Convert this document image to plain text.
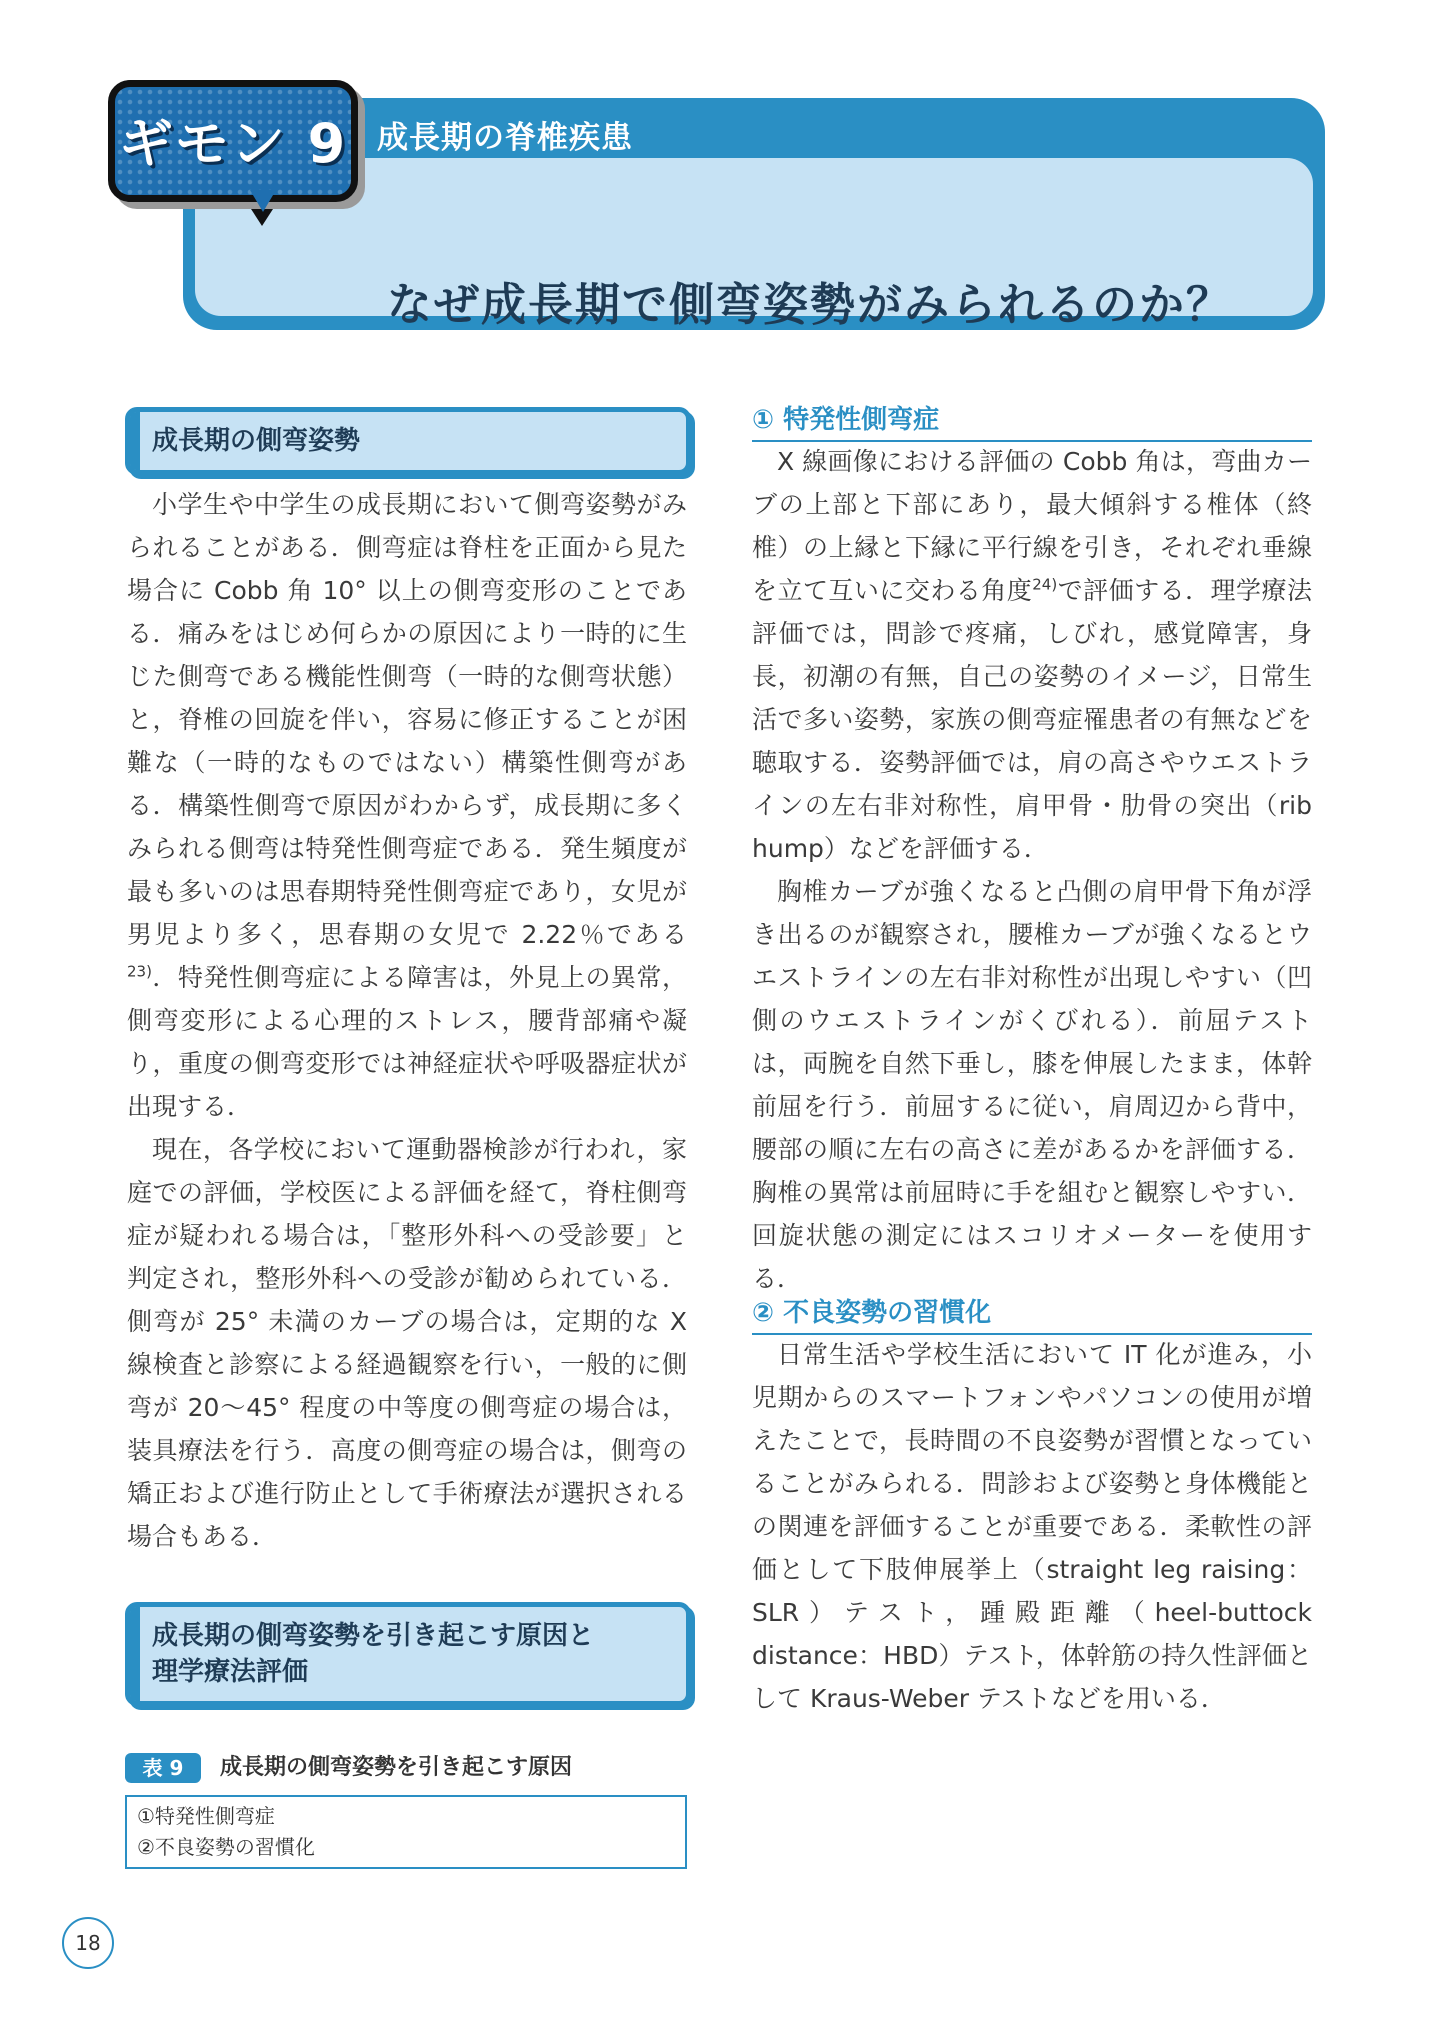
成長期の脊椎疾患
なぜ成長期で側弯姿勢がみられるのか？
ギモン 9
成長期の側弯姿勢

小学生や中学生の成長期において側弯姿勢がみられることがある．側弯症は脊柱を正面から見た場合に Cobb 角 10° 以上の側弯変形のことである．痛みをはじめ何らかの原因により一時的に生じた側弯である機能性側弯（一時的な側弯状態）と，脊椎の回旋を伴い，容易に修正することが困難な（一時的なものではない）構築性側弯がある．構築性側弯で原因がわからず，成長期に多くみられる側弯は特発性側弯症である．発生頻度が最も多いのは思春期特発性側弯症であり，女児が男児より多く，思春期の女児で 2.22％である$^{23)}$．特発性側弯症による障害は，外見上の異常，側弯変形による心理的ストレス，腰背部痛や凝り，重度の側弯変形では神経症状や呼吸器症状が出現する．

現在，各学校において運動器検診が行われ，家庭での評価，学校医による評価を経て，脊柱側弯症が疑われる場合は，「整形外科への受診要」と判定され，整形外科への受診が勧められている．側弯が 25° 未満のカーブの場合は，定期的な X 線検査と診察による経過観察を行い，一般的に側弯が 20〜45° 程度の中等度の側弯症の場合は，装具療法を行う．高度の側弯症の場合は，側弯の矯正および進行防止として手術療法が選択される場合もある．

成長期の側弯姿勢を引き起こす原因と
理学療法評価
表 9	成長期の側弯姿勢を引き起こす原因
①特発性側弯症
②不良姿勢の習慣化
① 特発性側弯症

X 線画像における評価の Cobb 角は，弯曲カーブの上部と下部にあり，最大傾斜する椎体（終椎）の上縁と下縁に平行線を引き，それぞれ垂線を立て互いに交わる角度$^{24)}$で評価する．理学療法評価では，問診で疼痛，しびれ，感覚障害，身長，初潮の有無，自己の姿勢のイメージ，日常生活で多い姿勢，家族の側弯症罹患者の有無などを聴取する．姿勢評価では，肩の高さやウエストラインの左右非対称性，肩甲骨・肋骨の突出（rib hump）などを評価する．

胸椎カーブが強くなると凸側の肩甲骨下角が浮き出るのが観察され，腰椎カーブが強くなるとウエストラインの左右非対称性が出現しやすい（凹側のウエストラインがくびれる）．前屈テストは，両腕を自然下垂し，膝を伸展したまま，体幹前屈を行う．前屈するに従い，肩周辺から背中，腰部の順に左右の高さに差があるかを評価する．胸椎の異常は前屈時に手を組むと観察しやすい．回旋状態の測定にはスコリオメーターを使用する．

② 不良姿勢の習慣化

日常生活や学校生活において IT 化が進み，小児期からのスマートフォンやパソコンの使用が増えたことで，長時間の不良姿勢が習慣となっていることがみられる．問診および姿勢と身体機能との関連を評価することが重要である．柔軟性の評価として下肢伸展挙上（straight leg raising：SLR）テスト，踵殿距離（heel-buttock distance：HBD）テスト，体幹筋の持久性評価として Kraus-Weber テストなどを用いる．

18
